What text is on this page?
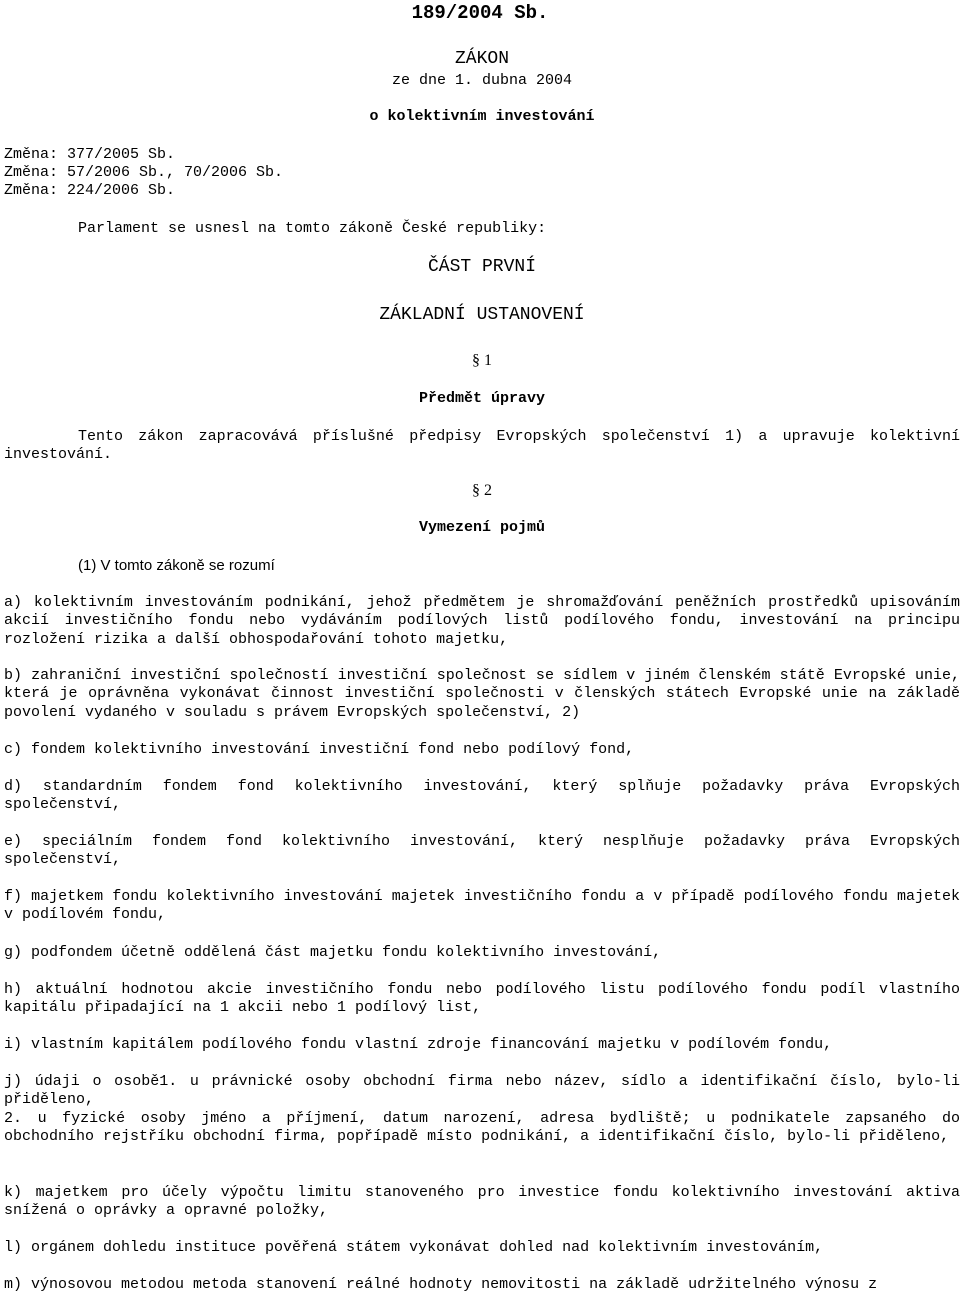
189/2004 Sb.
ZÁKON
ze dne 1. dubna 2004
o kolektivním investování
Změna: 377/2005 Sb.
Změna: 57/2006 Sb., 70/2006 Sb.
Změna: 224/2006 Sb.
Parlament se usnesl na tomto zákoně České republiky:
ČÁST PRVNÍ
ZÁKLADNÍ USTANOVENÍ
§ 1
Předmět úpravy
Tento zákon zapracovává příslušné předpisy Evropských společenství 1) a upravuje kolektivní investování.
§ 2
Vymezení pojmů
(1) V tomto zákoně se rozumí
a) kolektivním investováním podnikání, jehož předmětem je shromažďování peněžních prostředků upisováním akcií investičního fondu nebo vydáváním podílových listů podílového fondu, investování na principu rozložení rizika a další obhospodařování tohoto majetku,
b) zahraniční investiční společností investiční společnost se sídlem v jiném členském státě Evropské unie, která je oprávněna vykonávat činnost investiční společnosti v členských státech Evropské unie na základě povolení vydaného v souladu s právem Evropských společenství, 2)
c) fondem kolektivního investování investiční fond nebo podílový fond,
d) standardním fondem fond kolektivního investování, který splňuje požadavky práva Evropských společenství,
e) speciálním fondem fond kolektivního investování, který nesplňuje požadavky práva Evropských společenství,
f) majetkem fondu kolektivního investování majetek investičního fondu a v případě podílového fondu majetek v podílovém fondu,
g) podfondem účetně oddělená část majetku fondu kolektivního investování,
h) aktuální hodnotou akcie investičního fondu nebo podílového listu podílového fondu podíl vlastního kapitálu připadající na 1 akcii nebo 1 podílový list,
i) vlastním kapitálem podílového fondu vlastní zdroje financování majetku v podílovém fondu,
j) údaji o osobě1. u právnické osoby obchodní firma nebo název, sídlo a identifikační číslo, bylo-li přiděleno,
2. u fyzické osoby jméno a příjmení, datum narození, adresa bydliště; u podnikatele zapsaného do obchodního rejstříku obchodní firma, popřípadě místo podnikání, a identifikační číslo, bylo-li přiděleno,
k) majetkem pro účely výpočtu limitu stanoveného pro investice fondu kolektivního investování aktiva snížená o oprávky a opravné položky,
l) orgánem dohledu instituce pověřená státem vykonávat dohled nad kolektivním investováním,
m) výnosovou metodou metoda stanovení reálné hodnoty nemovitosti na základě udržitelného výnosu z
